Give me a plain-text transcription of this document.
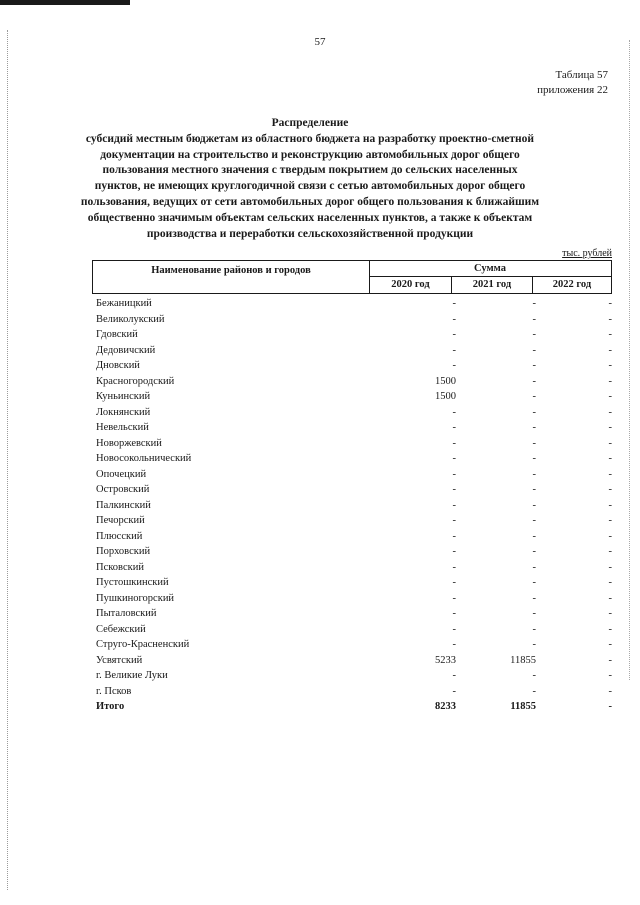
57
Таблица 57
приложения 22
Распределение
субсидий местным бюджетам из областного бюджета на разработку проектно-сметной
документации на строительство и реконструкцию автомобильных дорог общего
пользования местного значения с твердым покрытием до сельских населенных
пунктов, не имеющих круглогодичной связи с сетью автомобильных дорог общего
пользования, ведущих от сети автомобильных дорог общего пользования к ближайшим
общественно значимым объектам сельских населенных пунктов, а также к объектам
производства и переработки сельскохозяйственной продукции
тыс. рублей
Наименование районов и городов	Сумма
2020 год	2021 год	2022 год
Бежаницкий	-	-	-
Великолукский	-	-	-
Гдовский	-	-	-
Дедовичский	-	-	-
Дновский	-	-	-
Красногородский	1500	-	-
Куньинский	1500	-	-
Локнянский	-	-	-
Невельский	-	-	-
Новоржевский	-	-	-
Новосокольнический	-	-	-
Опочецкий	-	-	-
Островский	-	-	-
Палкинский	-	-	-
Печорский	-	-	-
Плюсский	-	-	-
Порховский	-	-	-
Псковский	-	-	-
Пустошкинский	-	-	-
Пушкиногорский	-	-	-
Пыталовский	-	-	-
Себежский	-	-	-
Струго-Красненский	-	-	-
Усвятский	5233	11855	-
г. Великие Луки	-	-	-
г. Псков	-	-	-
Итого	8233	11855	-
